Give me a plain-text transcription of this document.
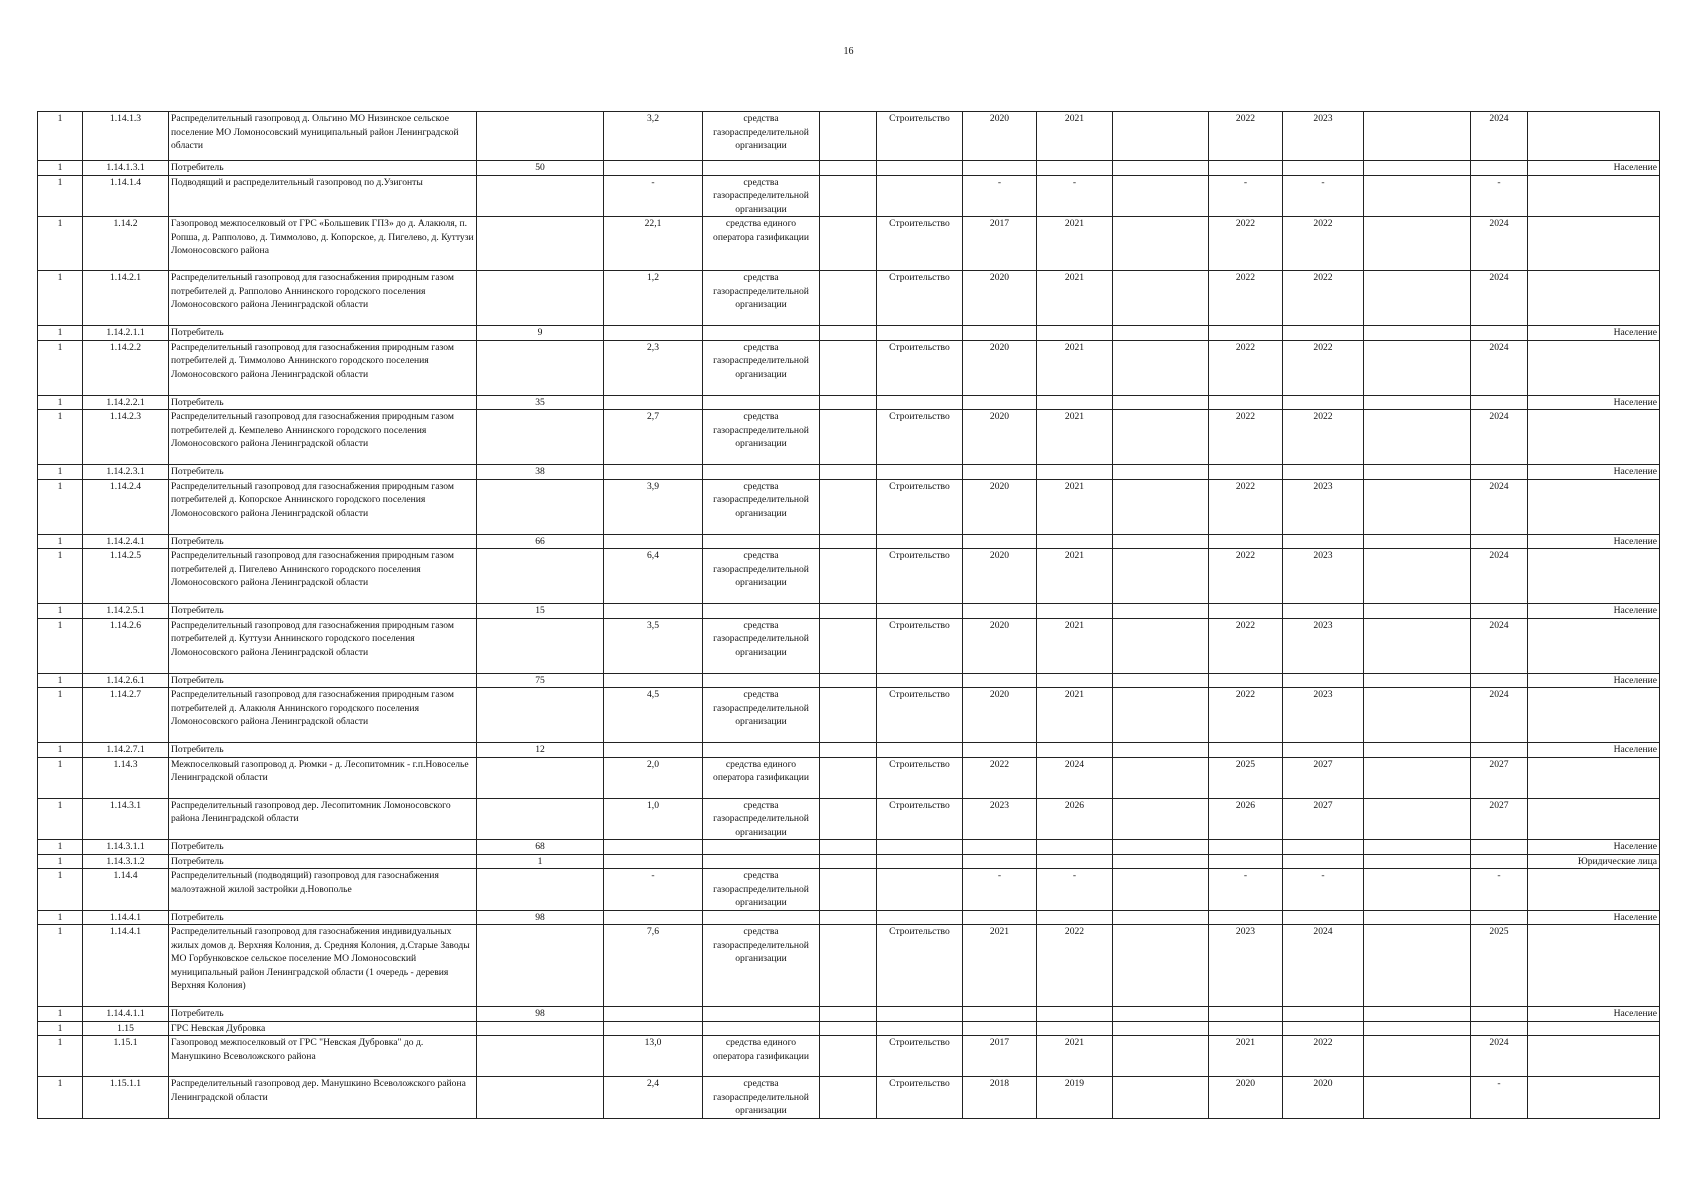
16
1	1.14.1.3	Распределительный газопровод д. Ольгино МО Низинское сельское поселение МО Ломоносовский муниципальный район Ленинградской области		3,2	средства газораспределительной организации		Строительство	2020	2021		2022	2023		2024	
1	1.14.1.3.1	Потребитель	50												Население
1	1.14.1.4	Подводящий и распределительный газопровод по д.Узигонты		-	средства газораспределительной организации			-	-		-	-		-	
1	1.14.2	Газопровод межпоселковый от ГРС «Большевик ГПЗ» до д. Алакюля, п. Ропша, д. Рапполово, д. Тиммолово, д. Копорское, д. Пигелево, д. Куттузи Ломоносовского района		22,1	средства единого оператора газификации		Строительство	2017	2021		2022	2022		2024	
1	1.14.2.1	Распределительный газопровод для газоснабжения природным газом потребителей д. Рапполово Аннинского городского поселения Ломоносовского района Ленинградской области		1,2	средства газораспределительной организации		Строительство	2020	2021		2022	2022		2024	
1	1.14.2.1.1	Потребитель	9												Население
1	1.14.2.2	Распределительный газопровод для газоснабжения природным газом потребителей д. Тиммолово Аннинского городского поселения Ломоносовского района Ленинградской области		2,3	средства газораспределительной организации		Строительство	2020	2021		2022	2022		2024	
1	1.14.2.2.1	Потребитель	35												Население
1	1.14.2.3	Распределительный газопровод для газоснабжения природным газом потребителей д. Кемпелево Аннинского городского поселения Ломоносовского района Ленинградской области		2,7	средства газораспределительной организации		Строительство	2020	2021		2022	2022		2024	
1	1.14.2.3.1	Потребитель	38												Население
1	1.14.2.4	Распределительный газопровод для газоснабжения природным газом потребителей д. Копорское Аннинского городского поселения Ломоносовского района Ленинградской области		3,9	средства газораспределительной организации		Строительство	2020	2021		2022	2023		2024	
1	1.14.2.4.1	Потребитель	66												Население
1	1.14.2.5	Распределительный газопровод для газоснабжения природным газом потребителей д. Пигелево Аннинского городского поселения Ломоносовского района Ленинградской области		6,4	средства газораспределительной организации		Строительство	2020	2021		2022	2023		2024	
1	1.14.2.5.1	Потребитель	15												Население
1	1.14.2.6	Распределительный газопровод для газоснабжения природным газом потребителей д. Куттузи Аннинского городского поселения Ломоносовского района Ленинградской области		3,5	средства газораспределительной организации		Строительство	2020	2021		2022	2023		2024	
1	1.14.2.6.1	Потребитель	75												Население
1	1.14.2.7	Распределительный газопровод для газоснабжения природным газом потребителей д. Алакюля Аннинского городского поселения Ломоносовского района Ленинградской области		4,5	средства газораспределительной организации		Строительство	2020	2021		2022	2023		2024	
1	1.14.2.7.1	Потребитель	12												Население
1	1.14.3	Межпоселковый газопровод д. Рюмки - д. Лесопитомник - г.п.Новоселье Ленинградской области		2,0	средства единого оператора газификации		Строительство	2022	2024		2025	2027		2027	
1	1.14.3.1	Распределительный газопровод дер. Лесопитомник Ломоносовского района Ленинградской области		1,0	средства газораспределительной организации		Строительство	2023	2026		2026	2027		2027	
1	1.14.3.1.1	Потребитель	68												Население
1	1.14.3.1.2	Потребитель	1												Юридические лица
1	1.14.4	Распределительный (подводящий) газопровод для газоснабжения малоэтажной жилой застройки д.Новополье		-	средства газораспределительной организации			-	-		-	-		-	
1	1.14.4.1	Потребитель	98												Население
1	1.14.4.1	Распределительный газопровод для газоснабжения индивидуальных жилых домов д. Верхняя Колония, д. Средняя Колония, д.Старые Заводы МО Горбунковское сельское поселение МО Ломоносовский муниципальный район Ленинградской области (1 очередь - деревия Верхняя Колония)		7,6	средства газораспределительной организации		Строительство	2021	2022		2023	2024		2025	
1	1.14.4.1.1	Потребитель	98												Население
1	1.15	ГРС Невская Дубровка													
1	1.15.1	Газопровод межпоселковый от ГРС "Невская Дубровка" до д. Манушкино Всеволожского района		13,0	средства единого оператора газификации		Строительство	2017	2021		2021	2022		2024	
1	1.15.1.1	Распределительный газопровод дер. Манушкино Всеволожского района Ленинградской области		2,4	средства газораспределительной организации		Строительство	2018	2019		2020	2020		-	
